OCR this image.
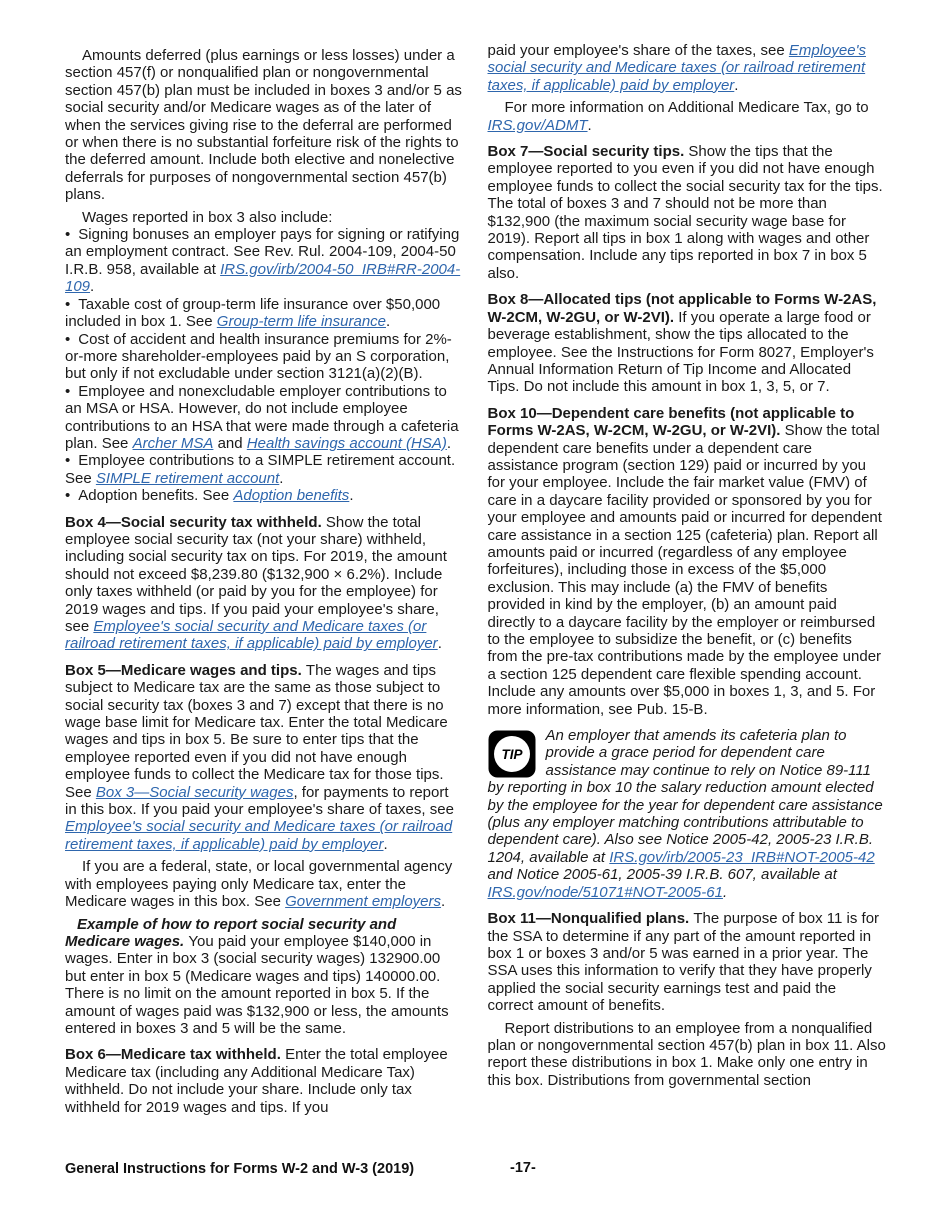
Amounts deferred (plus earnings or less losses) under a section 457(f) or nonqualified plan or nongovernmental section 457(b) plan must be included in boxes 3 and/or 5 as social security and/or Medicare wages as of the later of when the services giving rise to the deferral are performed or when there is no substantial forfeiture risk of the rights to the deferred amount. Include both elective and nonelective deferrals for purposes of nongovernmental section 457(b) plans.

Wages reported in box 3 also include:

• Signing bonuses an employer pays for signing or ratifying an employment contract. See Rev. Rul. 2004-109, 2004-50 I.R.B. 958, available at IRS.gov/irb/2004-50_IRB#RR-2004-109.

• Taxable cost of group-term life insurance over $50,000 included in box 1. See Group-term life insurance.

• Cost of accident and health insurance premiums for 2%-or-more shareholder-employees paid by an S corporation, but only if not excludable under section 3121(a)(2)(B).

• Employee and nonexcludable employer contributions to an MSA or HSA. However, do not include employee contributions to an HSA that were made through a cafeteria plan. See Archer MSA and Health savings account (HSA).

• Employee contributions to a SIMPLE retirement account. See SIMPLE retirement account.

• Adoption benefits. See Adoption benefits.

Box 4—Social security tax withheld. Show the total employee social security tax (not your share) withheld, including social security tax on tips. For 2019, the amount should not exceed $8,239.80 ($132,900 × 6.2%). Include only taxes withheld (or paid by you for the employee) for 2019 wages and tips. If you paid your employee's share, see Employee's social security and Medicare taxes (or railroad retirement taxes, if applicable) paid by employer.

Box 5—Medicare wages and tips. The wages and tips subject to Medicare tax are the same as those subject to social security tax (boxes 3 and 7) except that there is no wage base limit for Medicare tax. Enter the total Medicare wages and tips in box 5. Be sure to enter tips that the employee reported even if you did not have enough employee funds to collect the Medicare tax for those tips. See Box 3—Social security wages, for payments to report in this box. If you paid your employee's share of taxes, see Employee's social security and Medicare taxes (or railroad retirement taxes, if applicable) paid by employer.

If you are a federal, state, or local governmental agency with employees paying only Medicare tax, enter the Medicare wages in this box. See Government employers.

Example of how to report social security and Medicare wages. You paid your employee $140,000 in wages. Enter in box 3 (social security wages) 132900.00 but enter in box 5 (Medicare wages and tips) 140000.00. There is no limit on the amount reported in box 5. If the amount of wages paid was $132,900 or less, the amounts entered in boxes 3 and 5 will be the same.

Box 6—Medicare tax withheld. Enter the total employee Medicare tax (including any Additional Medicare Tax) withheld. Do not include your share. Include only tax withheld for 2019 wages and tips. If you

paid your employee's share of the taxes, see Employee's social security and Medicare taxes (or railroad retirement taxes, if applicable) paid by employer.

For more information on Additional Medicare Tax, go to IRS.gov/ADMT.

Box 7—Social security tips. Show the tips that the employee reported to you even if you did not have enough employee funds to collect the social security tax for the tips. The total of boxes 3 and 7 should not be more than $132,900 (the maximum social security wage base for 2019). Report all tips in box 1 along with wages and other compensation. Include any tips reported in box 7 in box 5 also.

Box 8—Allocated tips (not applicable to Forms W-2AS, W-2CM, W-2GU, or W-2VI). If you operate a large food or beverage establishment, show the tips allocated to the employee. See the Instructions for Form 8027, Employer's Annual Information Return of Tip Income and Allocated Tips. Do not include this amount in box 1, 3, 5, or 7.

Box 10—Dependent care benefits (not applicable to Forms W-2AS, W-2CM, W-2GU, or W-2VI). Show the total dependent care benefits under a dependent care assistance program (section 129) paid or incurred by you for your employee. Include the fair market value (FMV) of care in a daycare facility provided or sponsored by you for your employee and amounts paid or incurred for dependent care assistance in a section 125 (cafeteria) plan. Report all amounts paid or incurred (regardless of any employee forfeitures), including those in excess of the $5,000 exclusion. This may include (a) the FMV of benefits provided in kind by the employer, (b) an amount paid directly to a daycare facility by the employer or reimbursed to the employee to subsidize the benefit, or (c) benefits from the pre-tax contributions made by the employee under a section 125 dependent care flexible spending account. Include any amounts over $5,000 in boxes 1, 3, and 5. For more information, see Pub. 15-B.

TIP
An employer that amends its cafeteria plan to provide a grace period for dependent care assistance may continue to rely on Notice 89-111 by reporting in box 10 the salary reduction amount elected by the employee for the year for dependent care assistance (plus any employer matching contributions attributable to dependent care). Also see Notice 2005-42, 2005-23 I.R.B. 1204, available at IRS.gov/irb/2005-23_IRB#NOT-2005-42 and Notice 2005-61, 2005-39 I.R.B. 607, available at IRS.gov/node/51071#NOT-2005-61.

Box 11—Nonqualified plans. The purpose of box 11 is for the SSA to determine if any part of the amount reported in box 1 or boxes 3 and/or 5 was earned in a prior year. The SSA uses this information to verify that they have properly applied the social security earnings test and paid the correct amount of benefits.

Report distributions to an employee from a nonqualified plan or nongovernmental section 457(b) plan in box 11. Also report these distributions in box 1. Make only one entry in this box. Distributions from governmental section

General Instructions for Forms W-2 and W-3 (2019)	-17-
